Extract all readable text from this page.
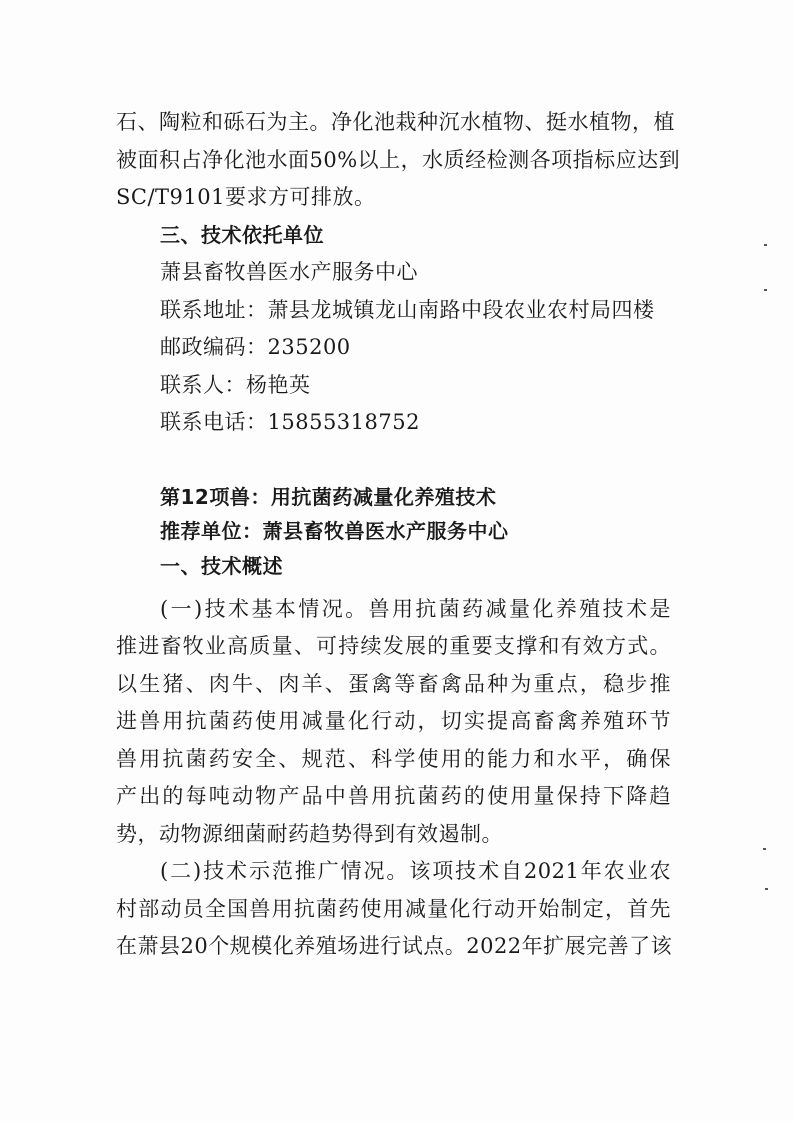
石、陶粒和砾石为主。净化池栽种沉水植物、挺水植物，植
被面积占净化池水面50%以上，水质经检测各项指标应达到
SC/T9101要求方可排放。
三、技术依托单位
萧县畜牧兽医水产服务中心
联系地址：萧县龙城镇龙山南路中段农业农村局四楼
邮政编码：235200
联系人：杨艳英
联系电话：15855318752
第12项兽：用抗菌药减量化养殖技术
推荐单位：萧县畜牧兽医水产服务中心
一、技术概述
(一)技术基本情况。兽用抗菌药减量化养殖技术是
推进畜牧业高质量、可持续发展的重要支撑和有效方式。
以生猪、肉牛、肉羊、蛋禽等畜禽品种为重点，稳步推
进兽用抗菌药使用减量化行动，切实提高畜禽养殖环节
兽用抗菌药安全、规范、科学使用的能力和水平，确保
产出的每吨动物产品中兽用抗菌药的使用量保持下降趋
势，动物源细菌耐药趋势得到有效遏制。
(二)技术示范推广情况。该项技术自2021年农业农
村部动员全国兽用抗菌药使用减量化行动开始制定，首先
在萧县20个规模化养殖场进行试点。2022年扩展完善了该
